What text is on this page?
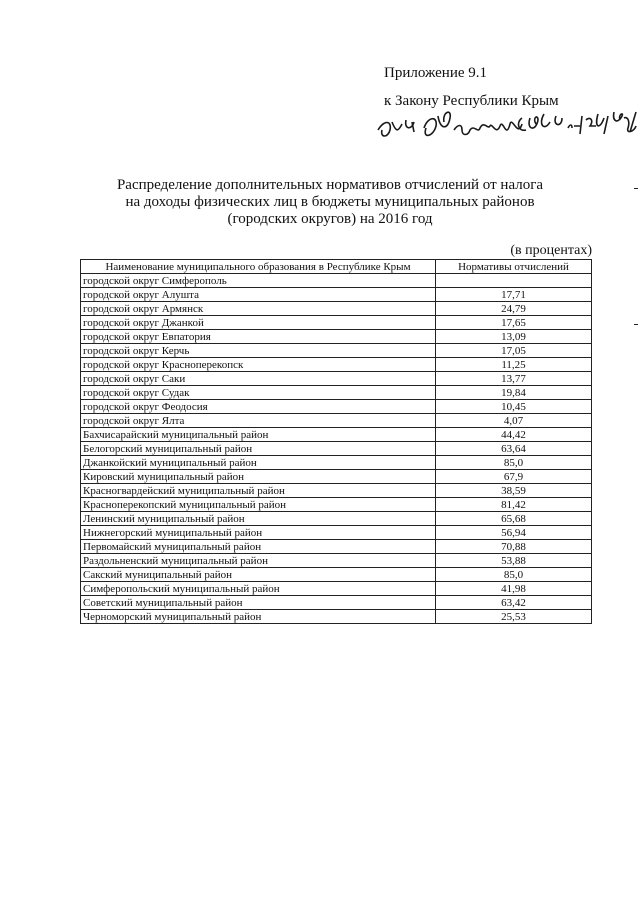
Приложение 9.1
к Закону Республики Крым
от 29 декабря 2015 г. № 192-ЗРК/2015
Распределение дополнительных нормативов отчислений от налога
на доходы физических лиц в бюджеты муниципальных районов
(городских округов) на 2016 год
(в процентах)
Наименование муниципального образования в Республике Крым	Нормативы отчислений
городской округ Симферополь	
городской округ Алушта	17,71
городской округ Армянск	24,79
городской округ Джанкой	17,65
городской округ Евпатория	13,09
городской округ Керчь	17,05
городской округ Красноперекопск	11,25
городской округ Саки	13,77
городской округ Судак	19,84
городской округ Феодосия	10,45
городской округ Ялта	4,07
Бахчисарайский муниципальный район	44,42
Белогорский муниципальный район	63,64
Джанкойский муниципальный район	85,0
Кировский муниципальный район	67,9
Красногвардейский муниципальный район	38,59
Красноперекопский муниципальный район	81,42
Ленинский муниципальный район	65,68
Нижнегорский муниципальный район	56,94
Первомайский муниципальный район	70,88
Раздольненский муниципальный район	53,88
Сакский муниципальный район	85,0
Симферопольский муниципальный район	41,98
Советский муниципальный район	63,42
Черноморский муниципальный район	25,53
